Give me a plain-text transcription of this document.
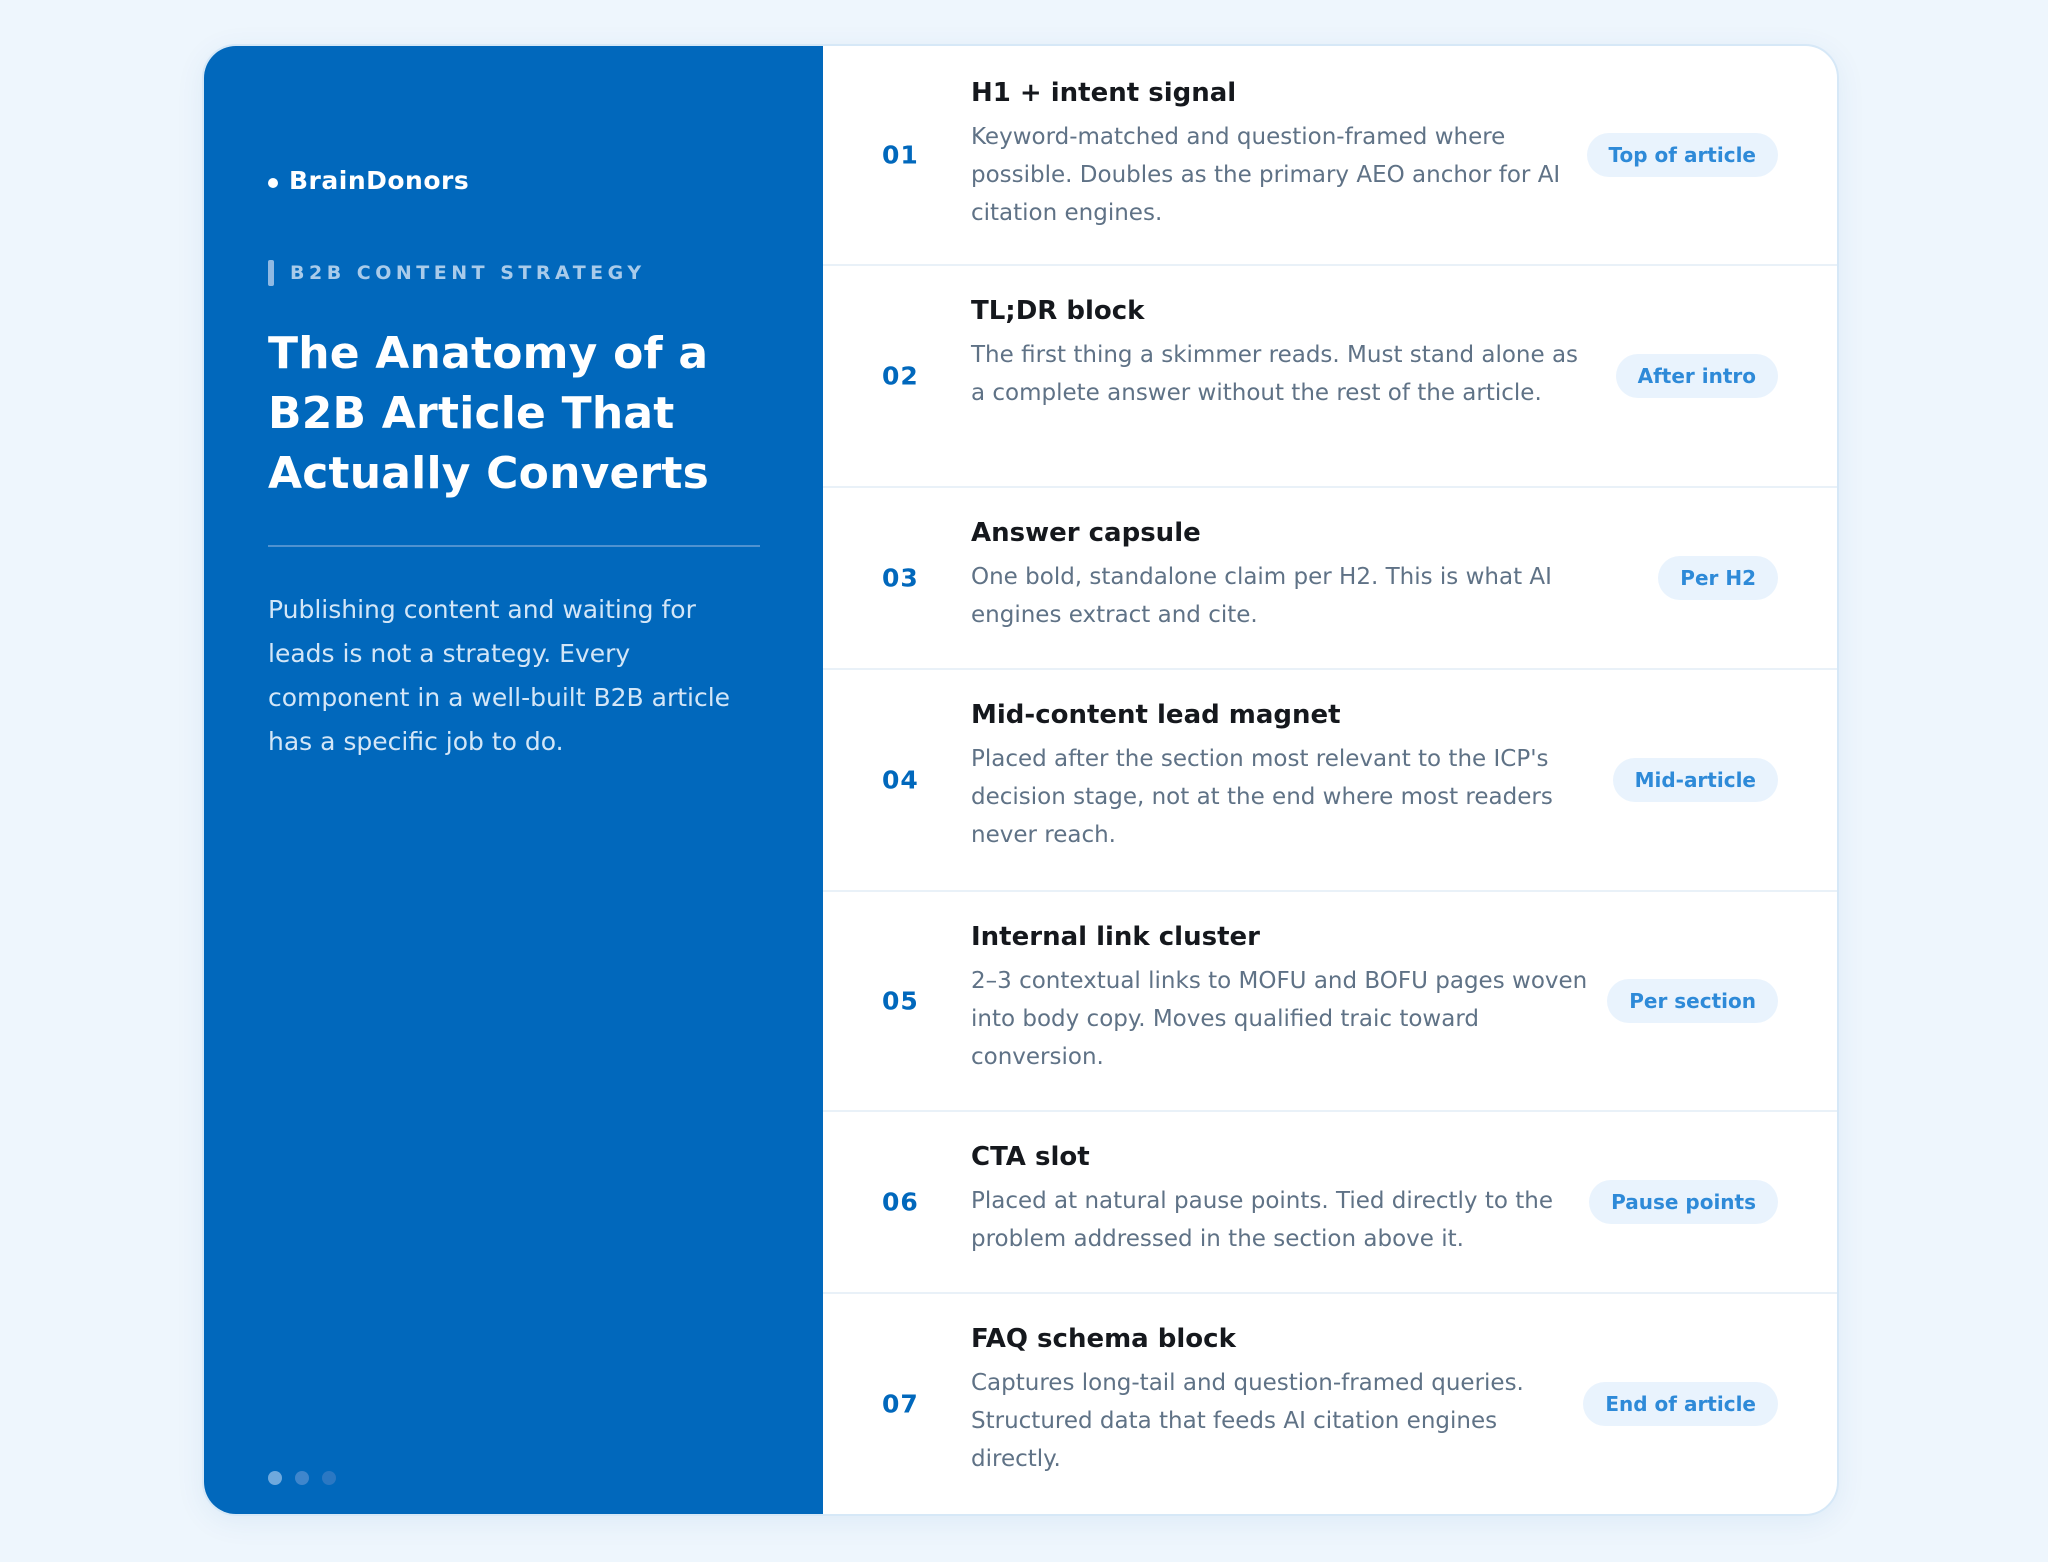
BrainDonors
B2B CONTENT STRATEGY
The Anatomy of a B2B Article That Actually Converts

Publishing content and waiting for leads is not a strategy. Every component in a well-built B2B article has a specific job to do.

01
H1 + intent signal
Keyword-matched and question-framed where possible. Doubles as the primary AEO anchor for AI citation engines.
Top of article
02
TL;DR block
The first thing a skimmer reads. Must stand alone as a complete answer without the rest of the article.
After intro
03
Answer capsule
One bold, standalone claim per H2. This is what AI engines extract and cite.
Per H2
04
Mid-content lead magnet
Placed after the section most relevant to the ICP's decision stage, not at the end where most readers never reach.
Mid-article
05
Internal link cluster
2–3 contextual links to MOFU and BOFU pages woven into body copy. Moves qualified traic toward conversion.
Per section
06
CTA slot
Placed at natural pause points. Tied directly to the problem addressed in the section above it.
Pause points
07
FAQ schema block
Captures long-tail and question-framed queries. Structured data that feeds AI citation engines directly.
End of article
